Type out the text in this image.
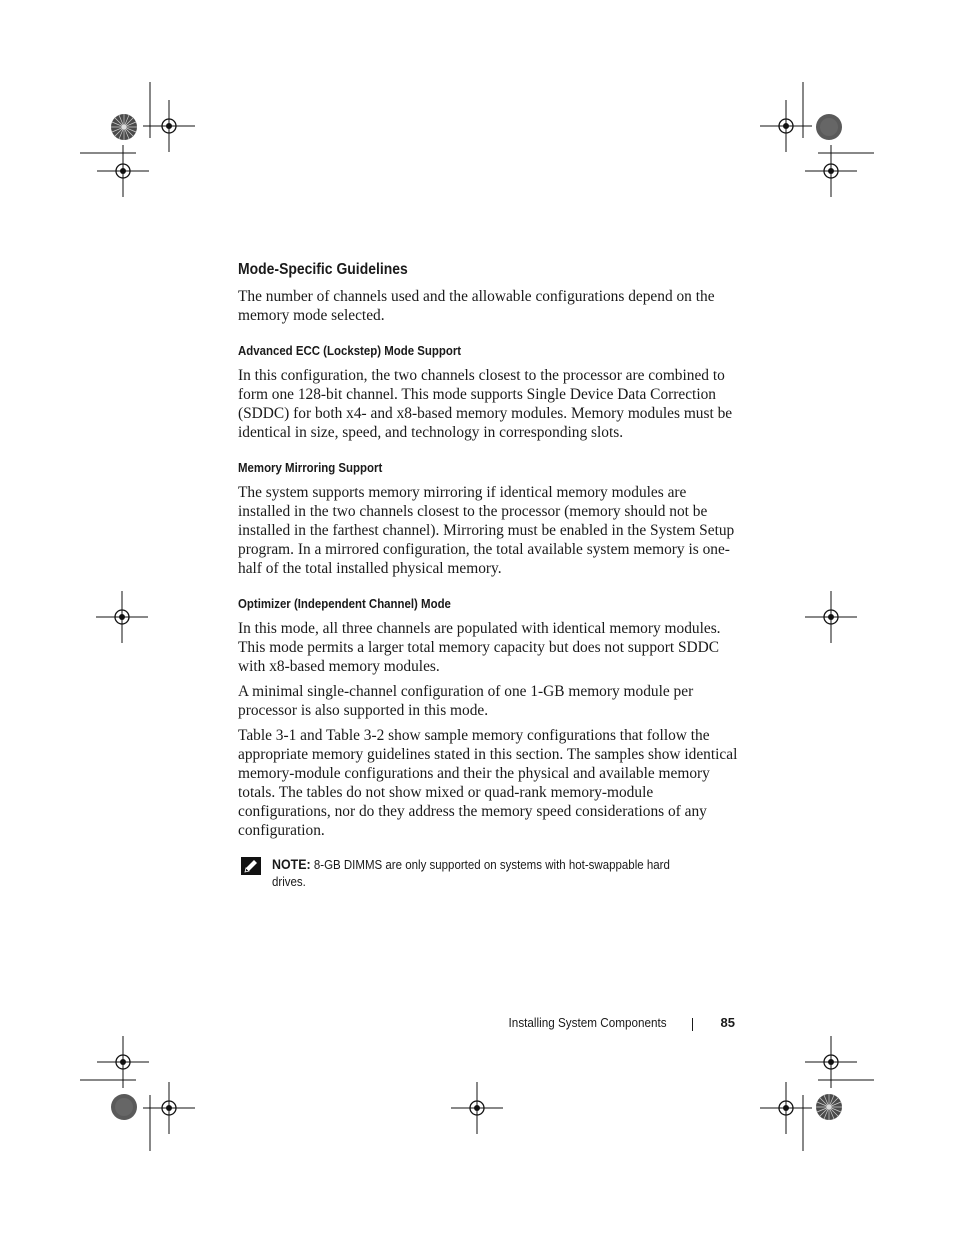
Mode-Specific Guidelines

The number of channels used and the allowable configurations depend on the memory mode selected.

Advanced ECC (Lockstep) Mode Support

In this configuration, the two channels closest to the processor are combined to form one 128-bit channel. This mode supports Single Device Data Correction (SDDC) for both x4- and x8-based memory modules. Memory modules must be identical in size, speed, and technology in corresponding slots.

Memory Mirroring Support

The system supports memory mirroring if identical memory modules are installed in the two channels closest to the processor (memory should not be installed in the farthest channel). Mirroring must be enabled in the System Setup program. In a mirrored configuration, the total available system memory is one-half of the total installed physical memory.

Optimizer (Independent Channel) Mode

In this mode, all three channels are populated with identical memory modules. This mode permits a larger total memory capacity but does not support SDDC with x8-based memory modules.

A minimal single-channel configuration of one 1-GB memory module per processor is also supported in this mode.

Table 3-1 and Table 3-2 show sample memory configurations that follow the appropriate memory guidelines stated in this section. The samples show identical memory-module configurations and their the physical and available memory totals. The tables do not show mixed or quad-rank memory-module configurations, nor do they address the memory speed considerations of any configuration.

NOTE: 8-GB DIMMS are only supported on systems with hot-swappable hard drives.
Installing System Components	85
